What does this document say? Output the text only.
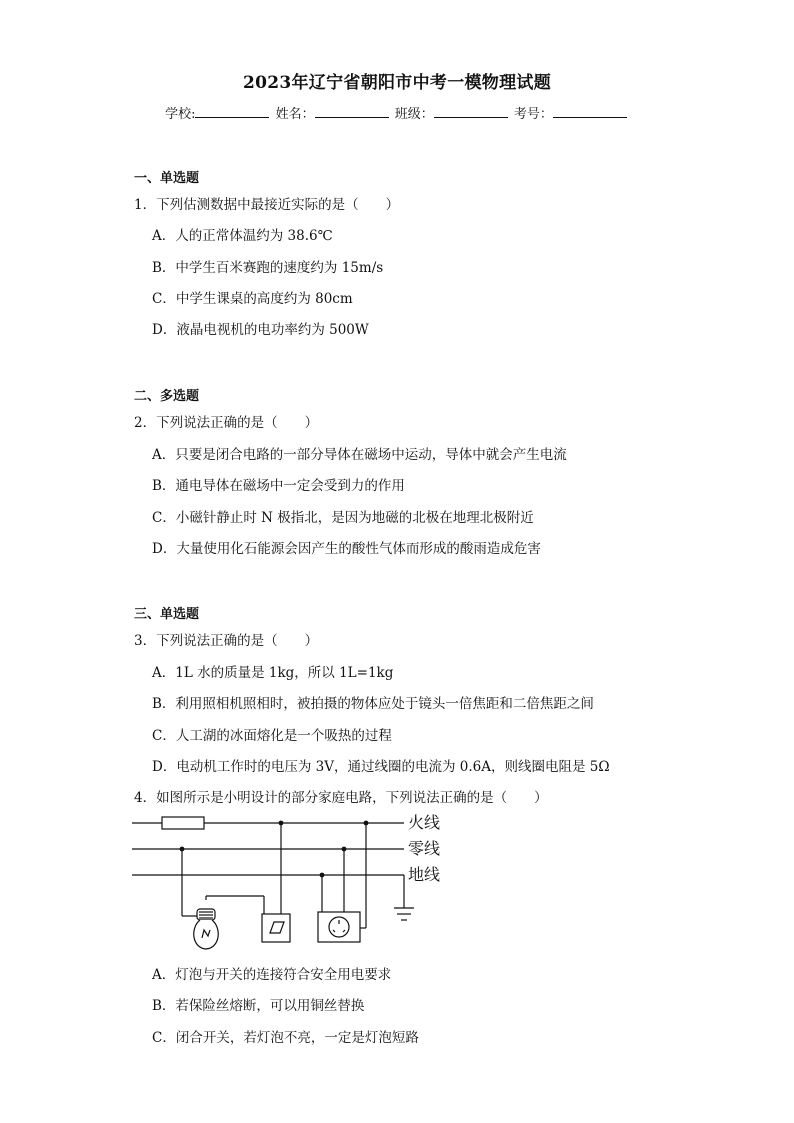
2023年辽宁省朝阳市中考一模物理试题
学校:	姓名：	班级：	考号：
一、单选题
1．下列估测数据中最接近实际的是（　　）
A．人的正常体温约为 38.6℃
B．中学生百米赛跑的速度约为 15m/s
C．中学生课桌的高度约为 80cm
D．液晶电视机的电功率约为 500W
二、多选题
2．下列说法正确的是（　　）
A．只要是闭合电路的一部分导体在磁场中运动，导体中就会产生电流
B．通电导体在磁场中一定会受到力的作用
C．小磁针静止时 N 极指北，是因为地磁的北极在地理北极附近
D．大量使用化石能源会因产生的酸性气体而形成的酸雨造成危害
三、单选题
3．下列说法正确的是（　　）
A．1L 水的质量是 1kg，所以 1L=1kg
B．利用照相机照相时，被拍摄的物体应处于镜头一倍焦距和二倍焦距之间
C．人工湖的冰面熔化是一个吸热的过程
D．电动机工作时的电压为 3V，通过线圈的电流为 0.6A，则线圈电阻是 5Ω
4．如图所示是小明设计的部分家庭电路，下列说法正确的是（　　）
火线
零线
地线
A．灯泡与开关的连接符合安全用电要求
B．若保险丝熔断，可以用铜丝替换
C．闭合开关，若灯泡不亮，一定是灯泡短路
